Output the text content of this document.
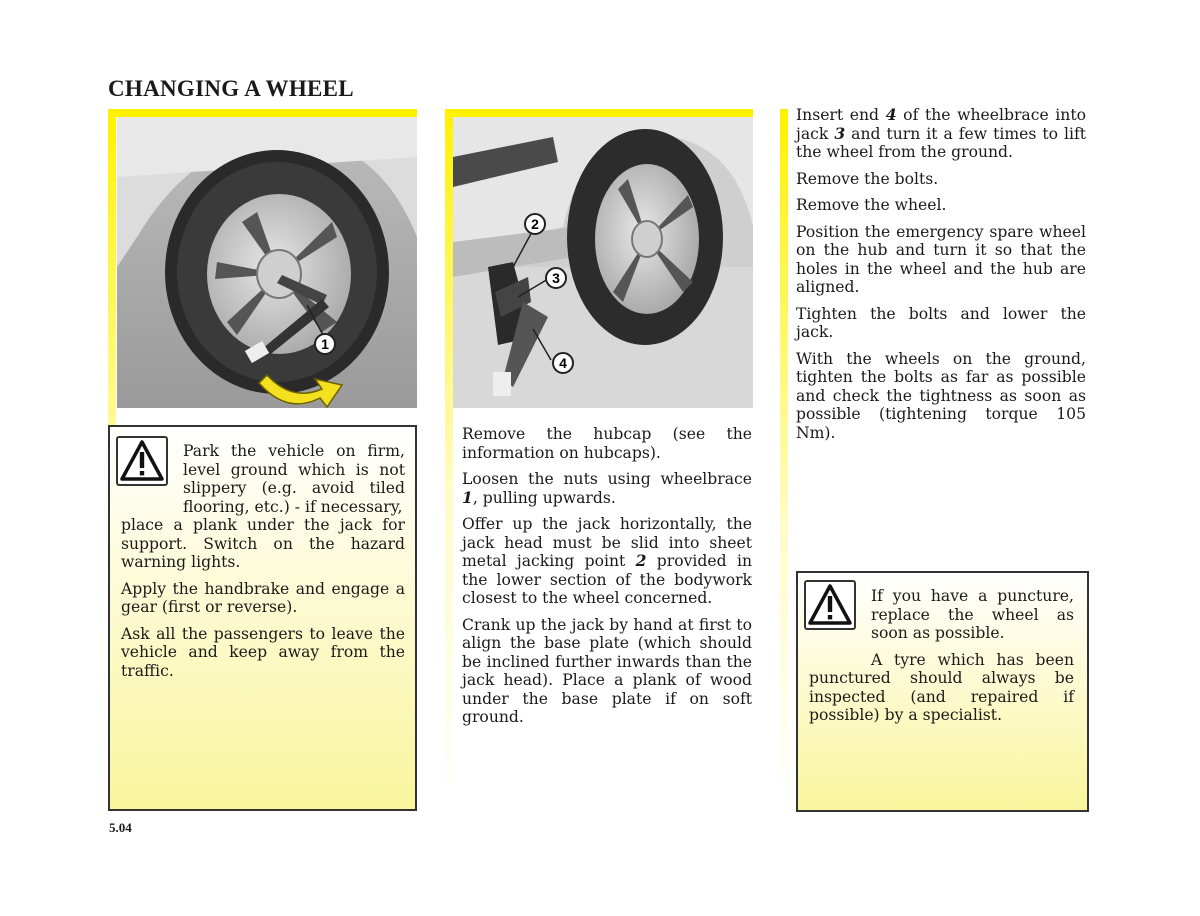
CHANGING A WHEEL
1

Park the vehicle on firm, level ground which is not slippery (e.g. avoid tiled flooring, etc.) - if necessary,

place a plank under the jack for support. Switch on the hazard warning lights.

Apply the handbrake and engage a gear (first or reverse).

Ask all the passengers to leave the vehicle and keep away from the traffic.

2
3
4

Remove the hubcap (see the information on hubcaps).

Loosen the nuts using wheelbrace 1, pulling upwards.

Offer up the jack horizontally, the jack head must be slid into sheet metal jacking point 2 provided in the lower section of the bodywork closest to the wheel concerned.

Crank up the jack by hand at first to align the base plate (which should be inclined further inwards than the jack head). Place a plank of wood under the base plate if on soft ground.

Insert end 4 of the wheelbrace into jack 3 and turn it a few times to lift the wheel from the ground.

Remove the bolts.

Remove the wheel.

Position the emergency spare wheel on the hub and turn it so that the holes in the wheel and the hub are aligned.

Tighten the bolts and lower the jack.

With the wheels on the ground, tighten the bolts as far as possible and check the tightness as soon as possible (tightening torque 105 Nm).

If you have a puncture, replace the wheel as soon as possible.

A tyre which has been punctured should always be inspected (and repaired if possible) by a specialist.

5.04
